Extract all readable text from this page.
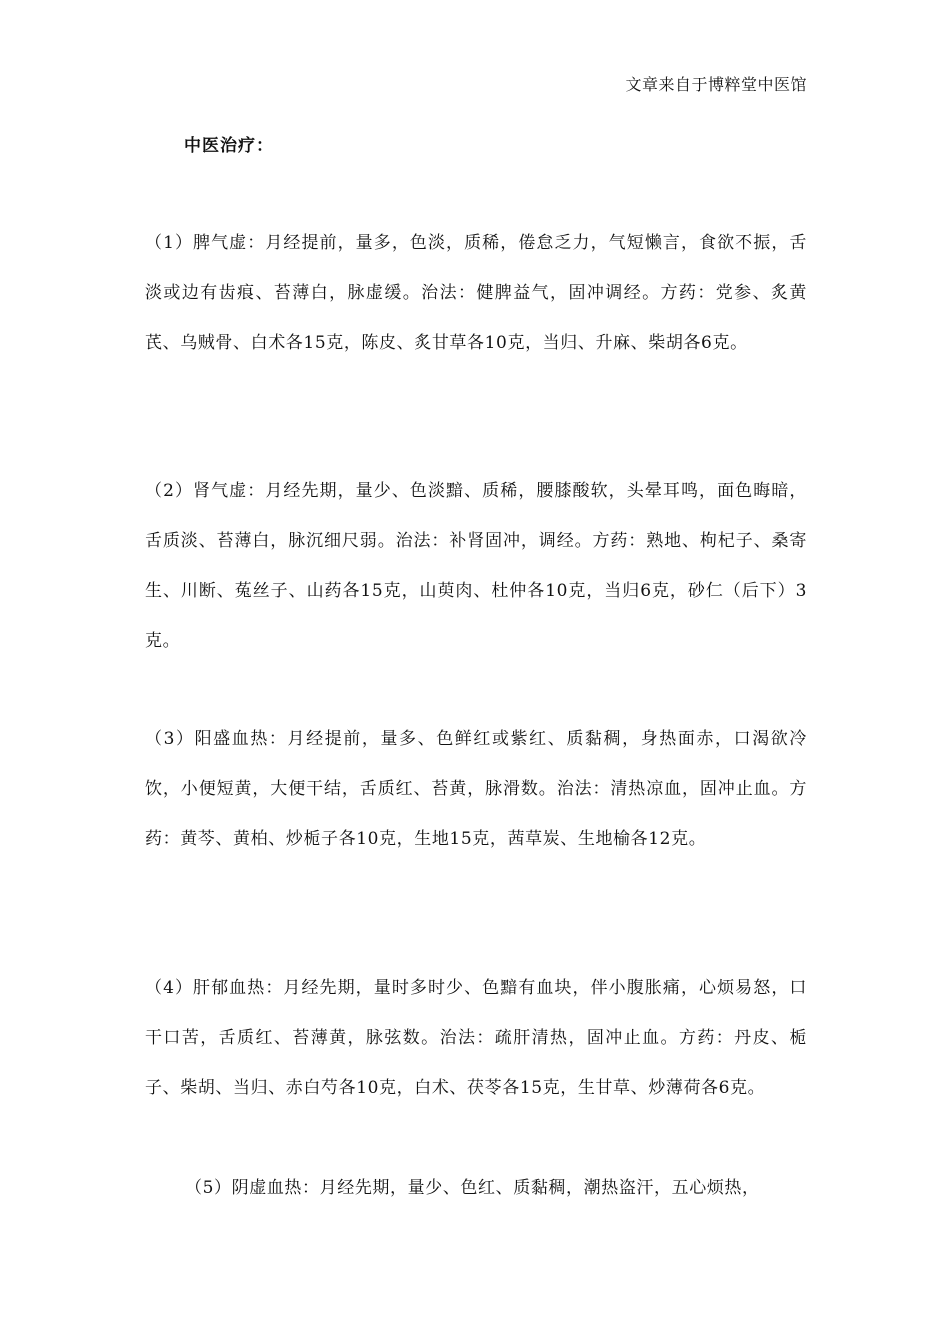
文章来自于博粹堂中医馆
中医治疗：
（1）脾气虚：月经提前，量多，色淡，质稀，倦怠乏力，气短懒言，食欲不振，舌淡或边有齿痕、苔薄白，脉虚缓。治法：健脾益气，固冲调经。方药：党参、炙黄芪、乌贼骨、白术各15克，陈皮、炙甘草各10克，当归、升麻、柴胡各6克。
（2）肾气虚：月经先期，量少、色淡黯、质稀，腰膝酸软，头晕耳鸣，面色晦暗，舌质淡、苔薄白，脉沉细尺弱。治法：补肾固冲，调经。方药：熟地、枸杞子、桑寄生、川断、菟丝子、山药各15克，山萸肉、杜仲各10克，当归6克，砂仁（后下）3克。
（3）阳盛血热：月经提前，量多、色鲜红或紫红、质黏稠，身热面赤，口渴欲冷饮，小便短黄，大便干结，舌质红、苔黄，脉滑数。治法：清热凉血，固冲止血。方药：黄芩、黄柏、炒栀子各10克，生地15克，茜草炭、生地榆各12克。
（4）肝郁血热：月经先期，量时多时少、色黯有血块，伴小腹胀痛，心烦易怒，口干口苦，舌质红、苔薄黄，脉弦数。治法：疏肝清热，固冲止血。方药：丹皮、栀子、柴胡、当归、赤白芍各10克，白术、茯苓各15克，生甘草、炒薄荷各6克。
（5）阴虚血热：月经先期，量少、色红、质黏稠，潮热盗汗，五心烦热，
